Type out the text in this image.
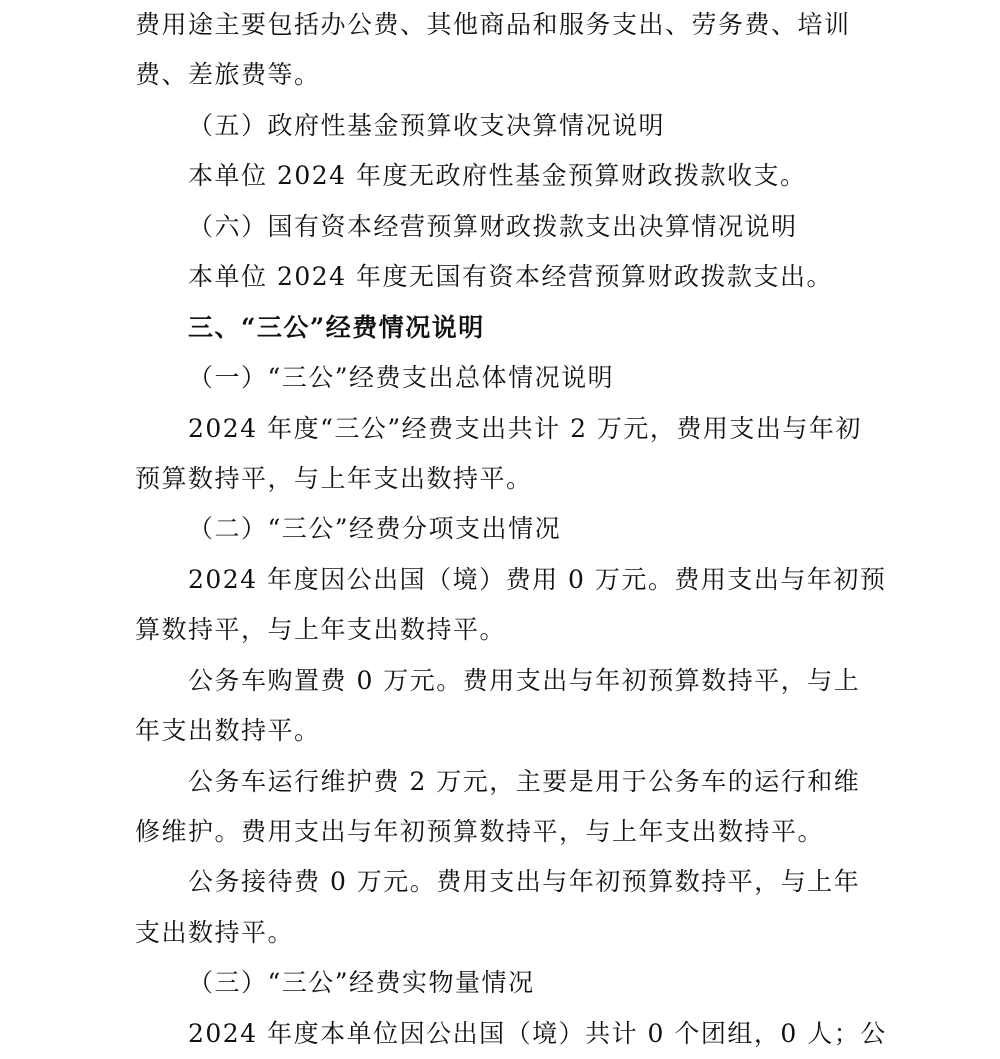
费用途主要包括办公费、其他商品和服务支出、劳务费、培训
费、差旅费等。
（五）政府性基金预算收支决算情况说明
本单位 2024 年度无政府性基金预算财政拨款收支。
（六）国有资本经营预算财政拨款支出决算情况说明
本单位 2024 年度无国有资本经营预算财政拨款支出。
三、“三公”经费情况说明
（一）“三公”经费支出总体情况说明
2024 年度“三公”经费支出共计 2 万元，费用支出与年初
预算数持平，与上年支出数持平。
（二）“三公”经费分项支出情况
2024 年度因公出国（境）费用 0 万元。费用支出与年初预
算数持平，与上年支出数持平。
公务车购置费 0 万元。费用支出与年初预算数持平，与上
年支出数持平。
公务车运行维护费 2 万元，主要是用于公务车的运行和维
修维护。费用支出与年初预算数持平，与上年支出数持平。
公务接待费 0 万元。费用支出与年初预算数持平，与上年
支出数持平。
（三）“三公”经费实物量情况
2024 年度本单位因公出国（境）共计 0 个团组，0 人；公
